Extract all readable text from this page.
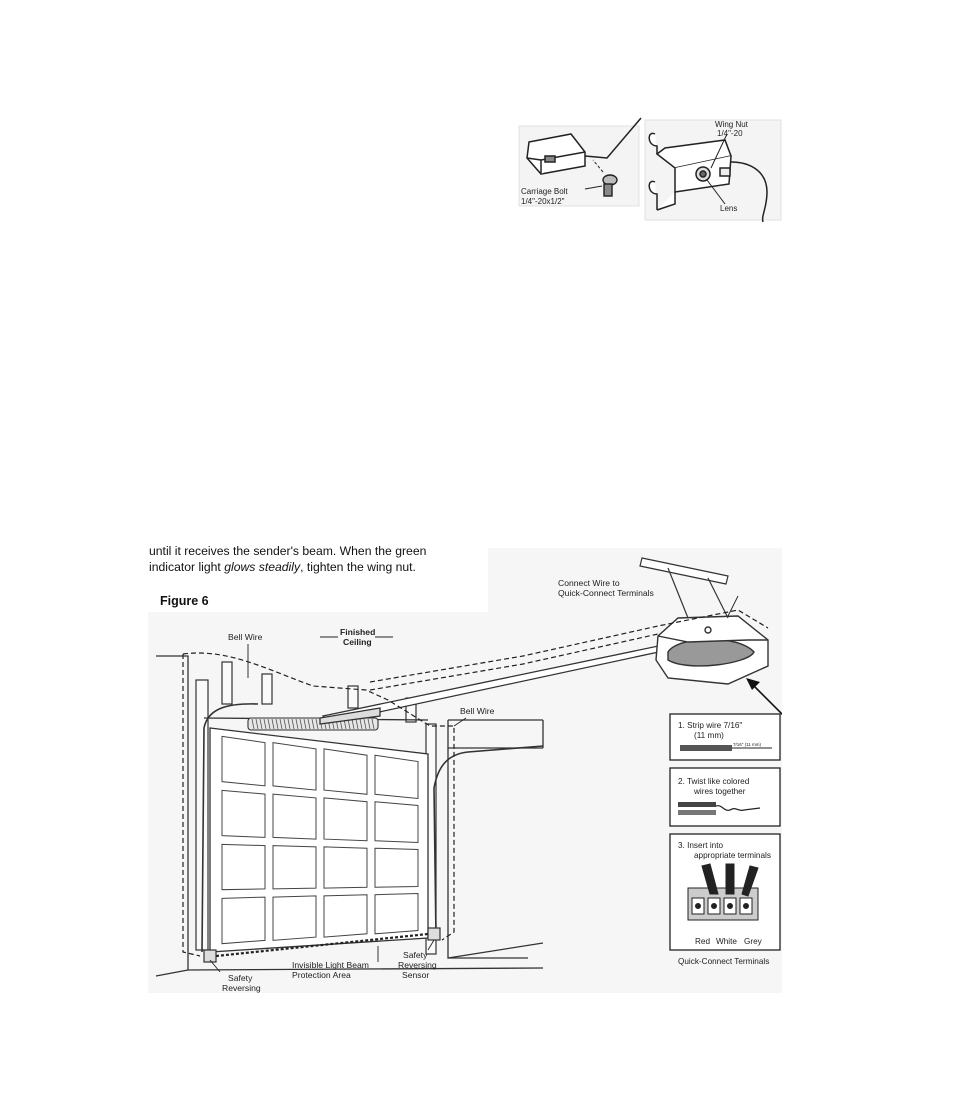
Carriage Bolt
1/4"-20x1/2"
Wing Nut
1/4"-20
Lens
Connect Wire to
Quick-Connect Terminals
Bell Wire	Finished
Ceiling
Bell Wire
Safety
Reversing
Invisible Light Beam
Protection Area
Safety
Reversing
Sensor
1. Strip wire 7/16"
(11 mm)
7/16" (11 mm)
2. Twist like colored
wires together
3. Insert into
appropriate terminals
Red White Grey
Quick-Connect Terminals
until it receives the sender's beam. When the green
indicator light glows steadily, tighten the wing nut.
Figure 6
